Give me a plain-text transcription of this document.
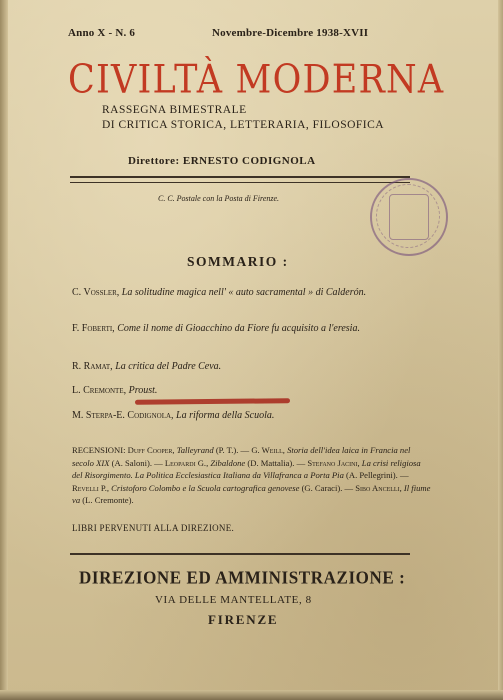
Anno X - N. 6	Novembre-Dicembre 1938-XVII
CIVILTÀ MODERNA
RASSEGNA BIMESTRALE
DI CRITICA STORICA, LETTERARIA, FILOSOFICA
Direttore: ERNESTO CODIGNOLA
C. C. Postale con la Posta di Firenze.
SOMMARIO :
C. Vossler, La solitudine magica nell' « auto sacramental » di Calderón.
F. Foberti, Come il nome di Gioacchino da Fiore fu acquisito a l'eresia.
R. Ramat, La critica del Padre Ceva.
L. Cremonte, Proust.
M. Sterpa-E. Codignola, La riforma della Scuola.
RECENSIONI: Duff Cooper, Talleyrand (P. T.). — G. Weill, Storia dell'idea laica in Francia nel secolo XIX (A. Saloni). — Leopardi G., Zibaldone (D. Mattalia). — Stefano Jacini, La crisi religiosa del Risorgimento. La Politica Ecclesiastica Italiana da Villafranca a Porta Pia (A. Pellegrini). — Revelli P., Cristoforo Colombo e la Scuola cartografica genovese (G. Caraci). — Sibo Ancelli, Il fiume va (L. Cremonte).
LIBRI PERVENUTI ALLA DIREZIONE.
DIREZIONE ED AMMINISTRAZIONE :
VIA DELLE MANTELLATE, 8
FIRENZE
